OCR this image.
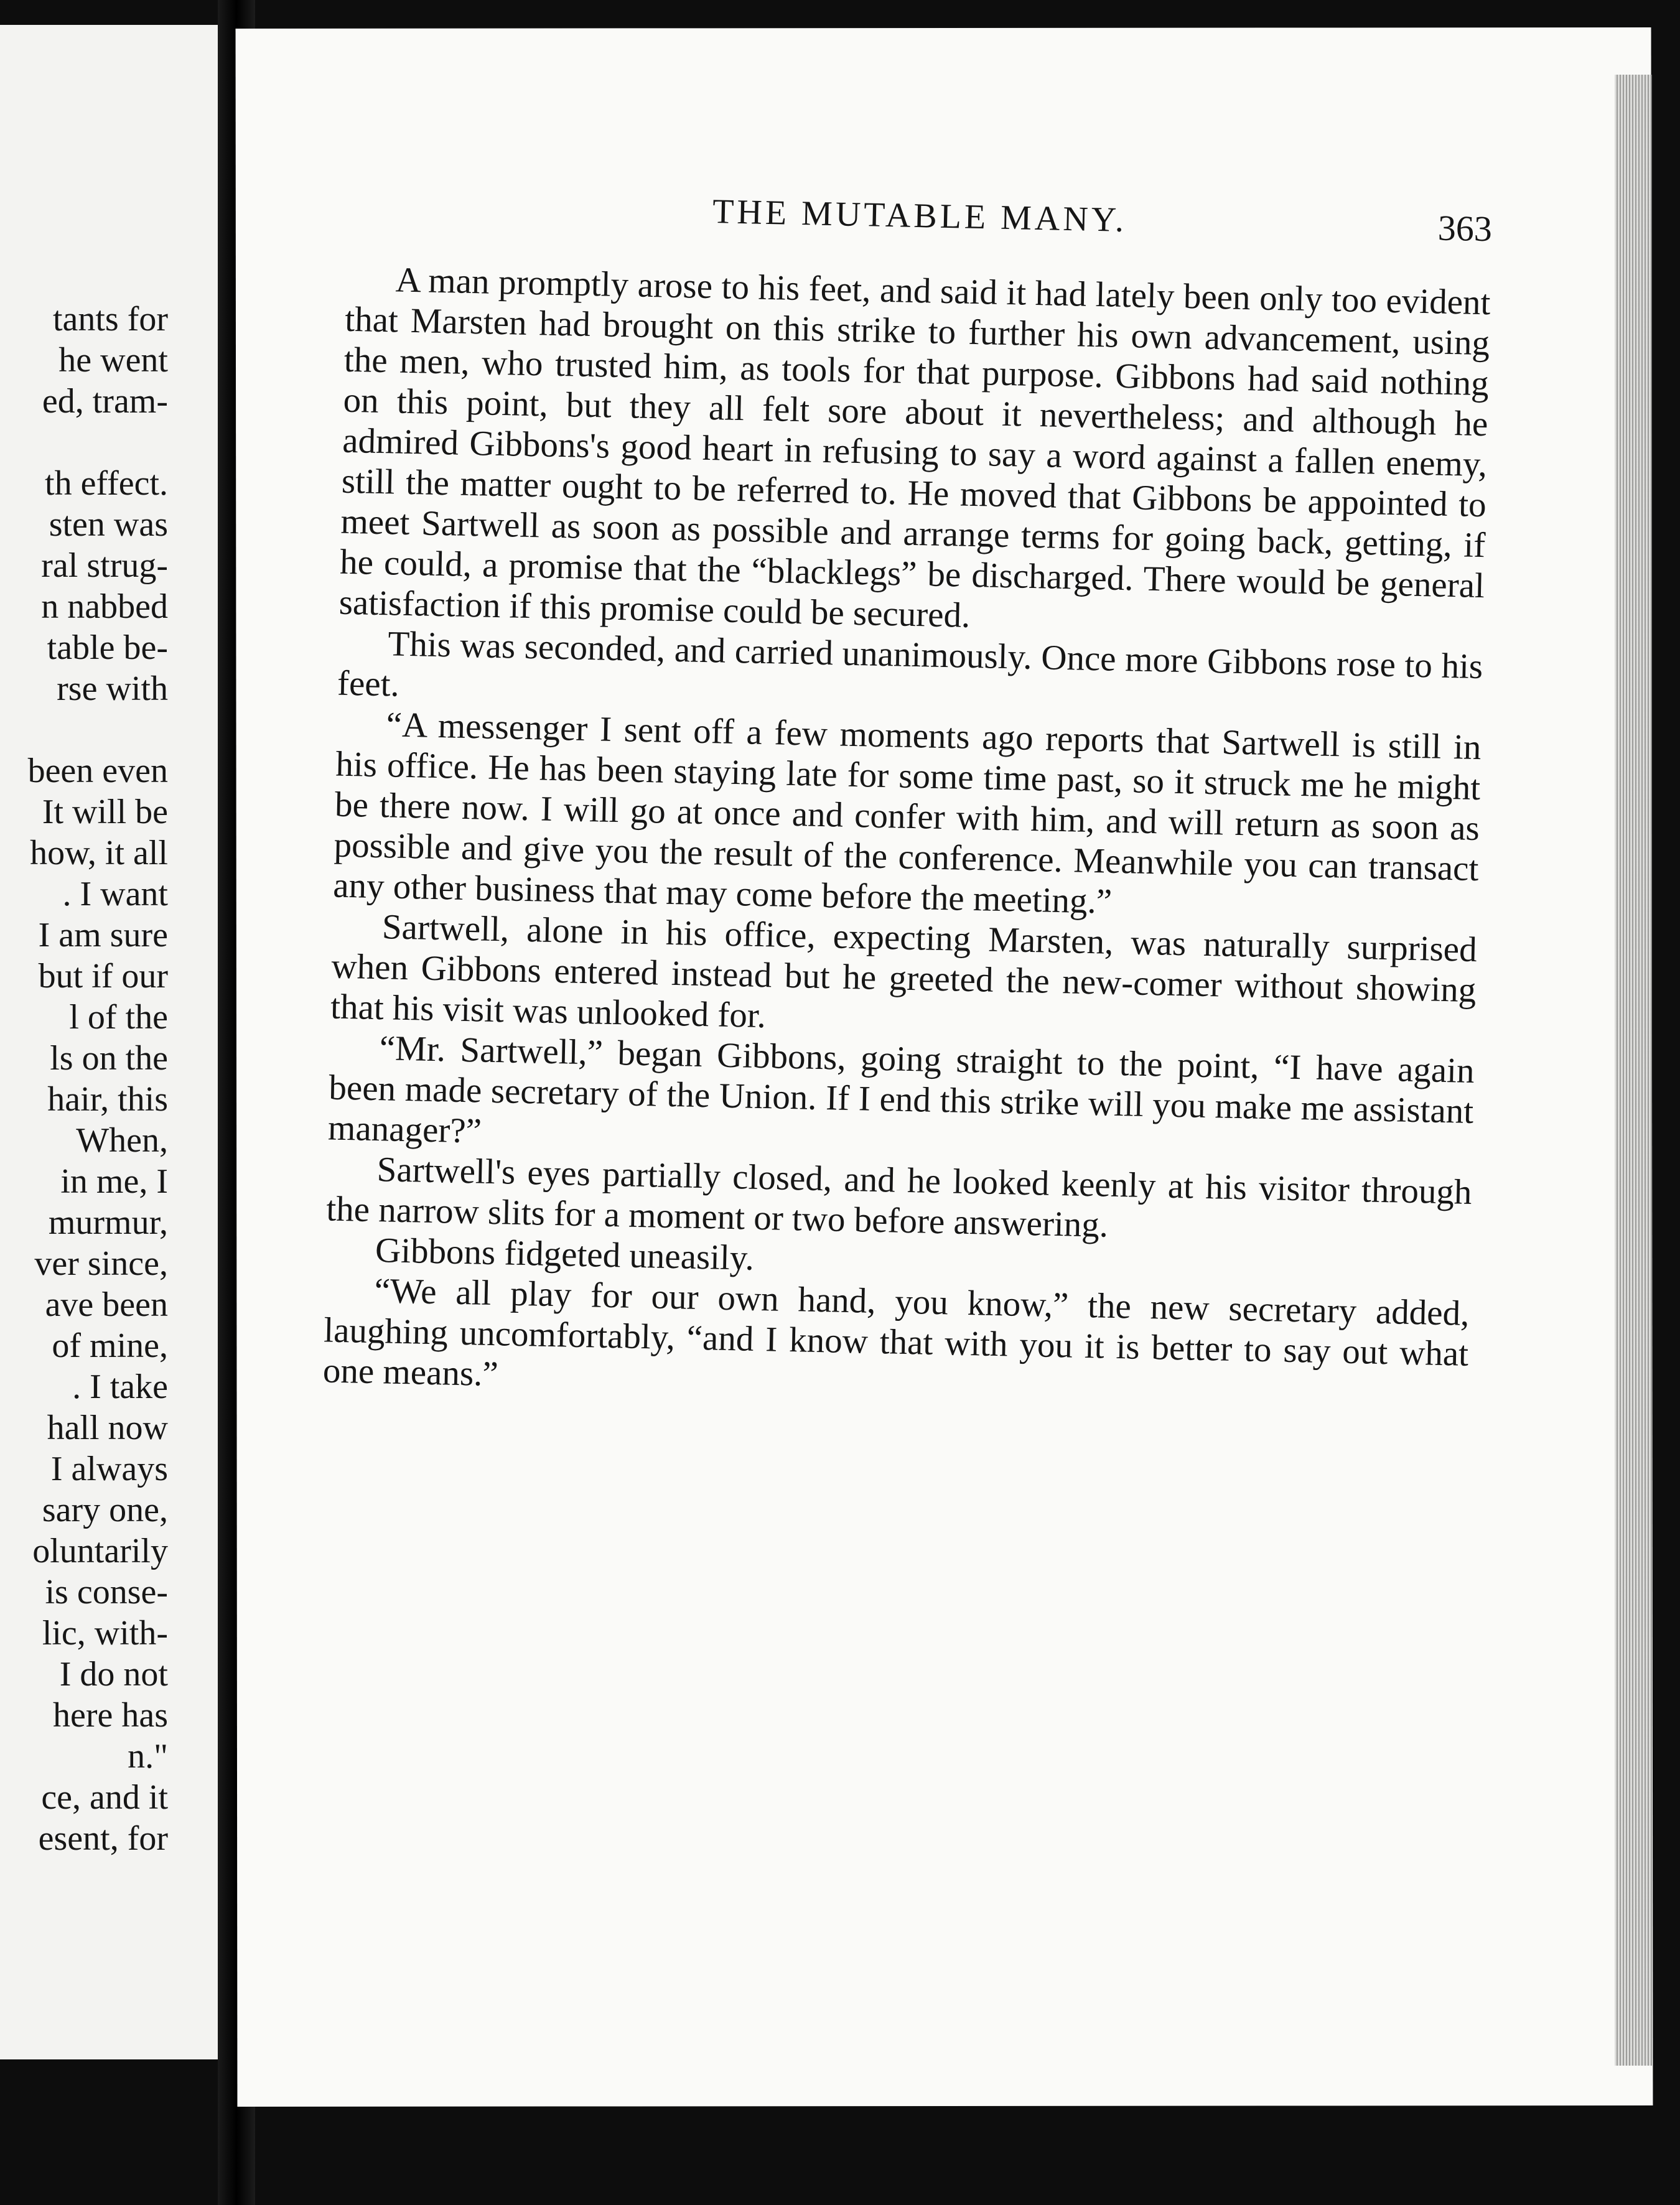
tants for
he went
ed, tram-
th effect.
sten was
ral strug-
n nabbed
table be-
rse with
been even
It will be
how, it all
. I want
I am sure
but if our
l of the
ls on the
hair, this
When,
in me, I
murmur,
ver since,
ave been
of mine,
. I take
hall now
I always
sary one,
oluntarily
is conse-
lic, with-
I do not
here has
n."
ce, and it
esent, for
THE MUTABLE MANY.	363

A man promptly arose to his feet, and said it had lately been only too evident that Marsten had brought on this strike to further his own advancement, using the men, who trusted him, as tools for that purpose. Gibbons had said nothing on this point, but they all felt sore about it nevertheless; and although he admired Gibbons's good heart in refusing to say a word against a fallen enemy, still the matter ought to be referred to. He moved that Gibbons be appointed to meet Sartwell as soon as possible and arrange terms for going back, getting, if he could, a promise that the “blacklegs” be discharged. There would be general satisfaction if this promise could be secured.

This was seconded, and carried unanimously. Once more Gibbons rose to his feet.

“A messenger I sent off a few moments ago reports that Sartwell is still in his office. He has been staying late for some time past, so it struck me he might be there now. I will go at once and confer with him, and will return as soon as possible and give you the result of the conference. Meanwhile you can transact any other business that may come before the meeting.”

Sartwell, alone in his office, expecting Marsten, was naturally surprised when Gibbons entered instead but he greeted the new-comer without showing that his visit was unlooked for.

“Mr. Sartwell,” began Gibbons, going straight to the point, “I have again been made secretary of the Union. If I end this strike will you make me assistant manager?”

Sartwell's eyes partially closed, and he looked keenly at his visitor through the narrow slits for a moment or two before answering.

Gibbons fidgeted uneasily.

“We all play for our own hand, you know,” the new secretary added, laughing uncomfortably, “and I know that with you it is better to say out what one means.”
